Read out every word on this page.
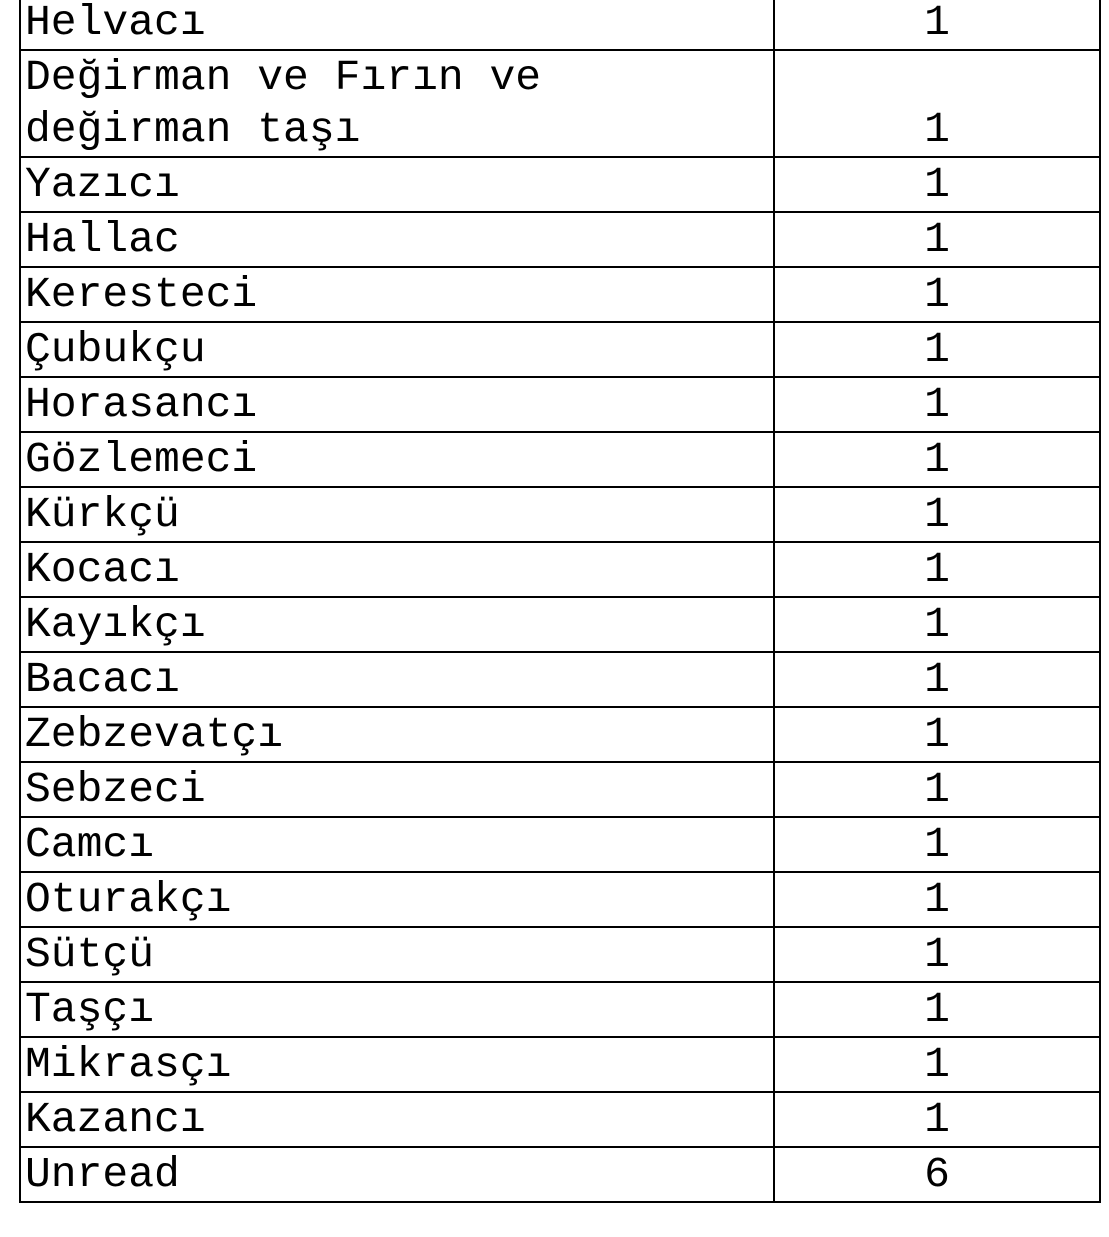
Helvacı	1
Değirman ve Fırın ve
değirman taşı	1
Yazıcı	1
Hallac	1
Keresteci	1
Çubukçu	1
Horasancı	1
Gözlemeci	1
Kürkçü	1
Kocacı	1
Kayıkçı	1
Bacacı	1
Zebzevatçı	1
Sebzeci	1
Camcı	1
Oturakçı	1
Sütçü	1
Taşçı	1
Mikrasçı	1
Kazancı	1
Unread	6
